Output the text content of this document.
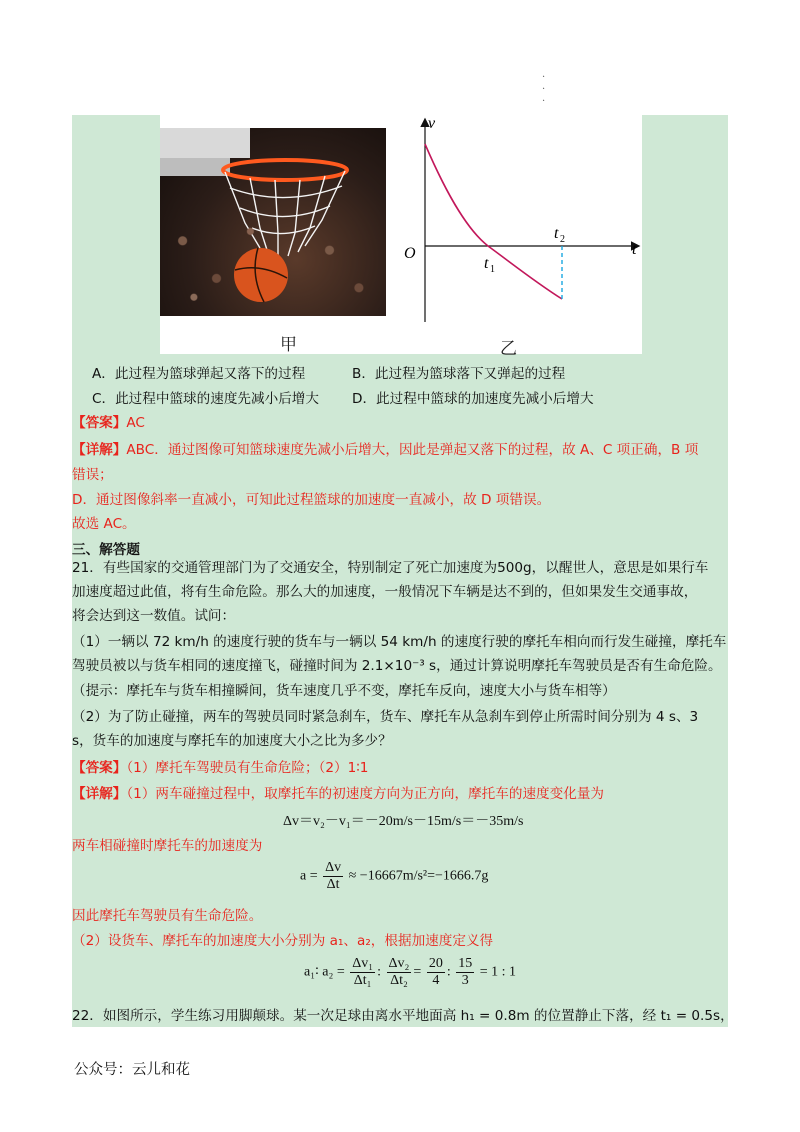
·
·
·
甲
v
t
O
t 1
t 2
乙
A．此过程为篮球弹起又落下的过程	B．此过程为篮球落下又弹起的过程
C．此过程中篮球的速度先减小后增大 D．此过程中篮球的加速度先减小后增大
【答案】AC
【详解】ABC．通过图像可知篮球速度先减小后增大，因此是弹起又落下的过程，故 A、C 项正确，B 项
错误；
D．通过图像斜率一直减小，可知此过程篮球的加速度一直减小，故 D 项错误。
故选 AC。
三、解答题
21．有些国家的交通管理部门为了交通安全，特别制定了死亡加速度为500g，以醒世人，意思是如果行车
加速度超过此值，将有生命危险。那么大的加速度，一般情况下车辆是达不到的，但如果发生交通事故，
将会达到这一数值。试问：
（1）一辆以 72 km/h 的速度行驶的货车与一辆以 54 km/h 的速度行驶的摩托车相向而行发生碰撞，摩托车
驾驶员被以与货车相同的速度撞飞，碰撞时间为 2.1×10⁻³ s，通过计算说明摩托车驾驶员是否有生命危险。
（提示：摩托车与货车相撞瞬间，货车速度几乎不变，摩托车反向，速度大小与货车相等）
（2）为了防止碰撞，两车的驾驶员同时紧急刹车，货车、摩托车从急刹车到停止所需时间分别为 4 s、3
s，货车的加速度与摩托车的加速度大小之比为多少？
【答案】（1）摩托车驾驶员有生命危险；（2）1∶1
【详解】（1）两车碰撞过程中，取摩托车的初速度方向为正方向，摩托车的速度变化量为
Δv＝v₂－v₁＝－20m/s－15m/s＝－35m/s
两车相碰撞时摩托车的加速度为
$a = \frac{\Delta v}{\Delta t} \approx -16667m/s^2=-1666.7g$
因此摩托车驾驶员有生命危险。
（2）设货车、摩托车的加速度大小分别为 a₁、a₂，根据加速度定义得
a₁∶ $a_2 = \frac{\text{Δv₁}}{\text{Δt₁}}$ : $\frac{\text{Δv₂}}{\text{Δt₂}} = \frac{20}{4}$ : $\frac{15}{3} = 1$ : 1
22．如图所示，学生练习用脚颠球。某一次足球由离水平地面高 h₁ = 0.8m 的位置静止下落，经 t₁ = 0.5s，
公众号：云儿和花
